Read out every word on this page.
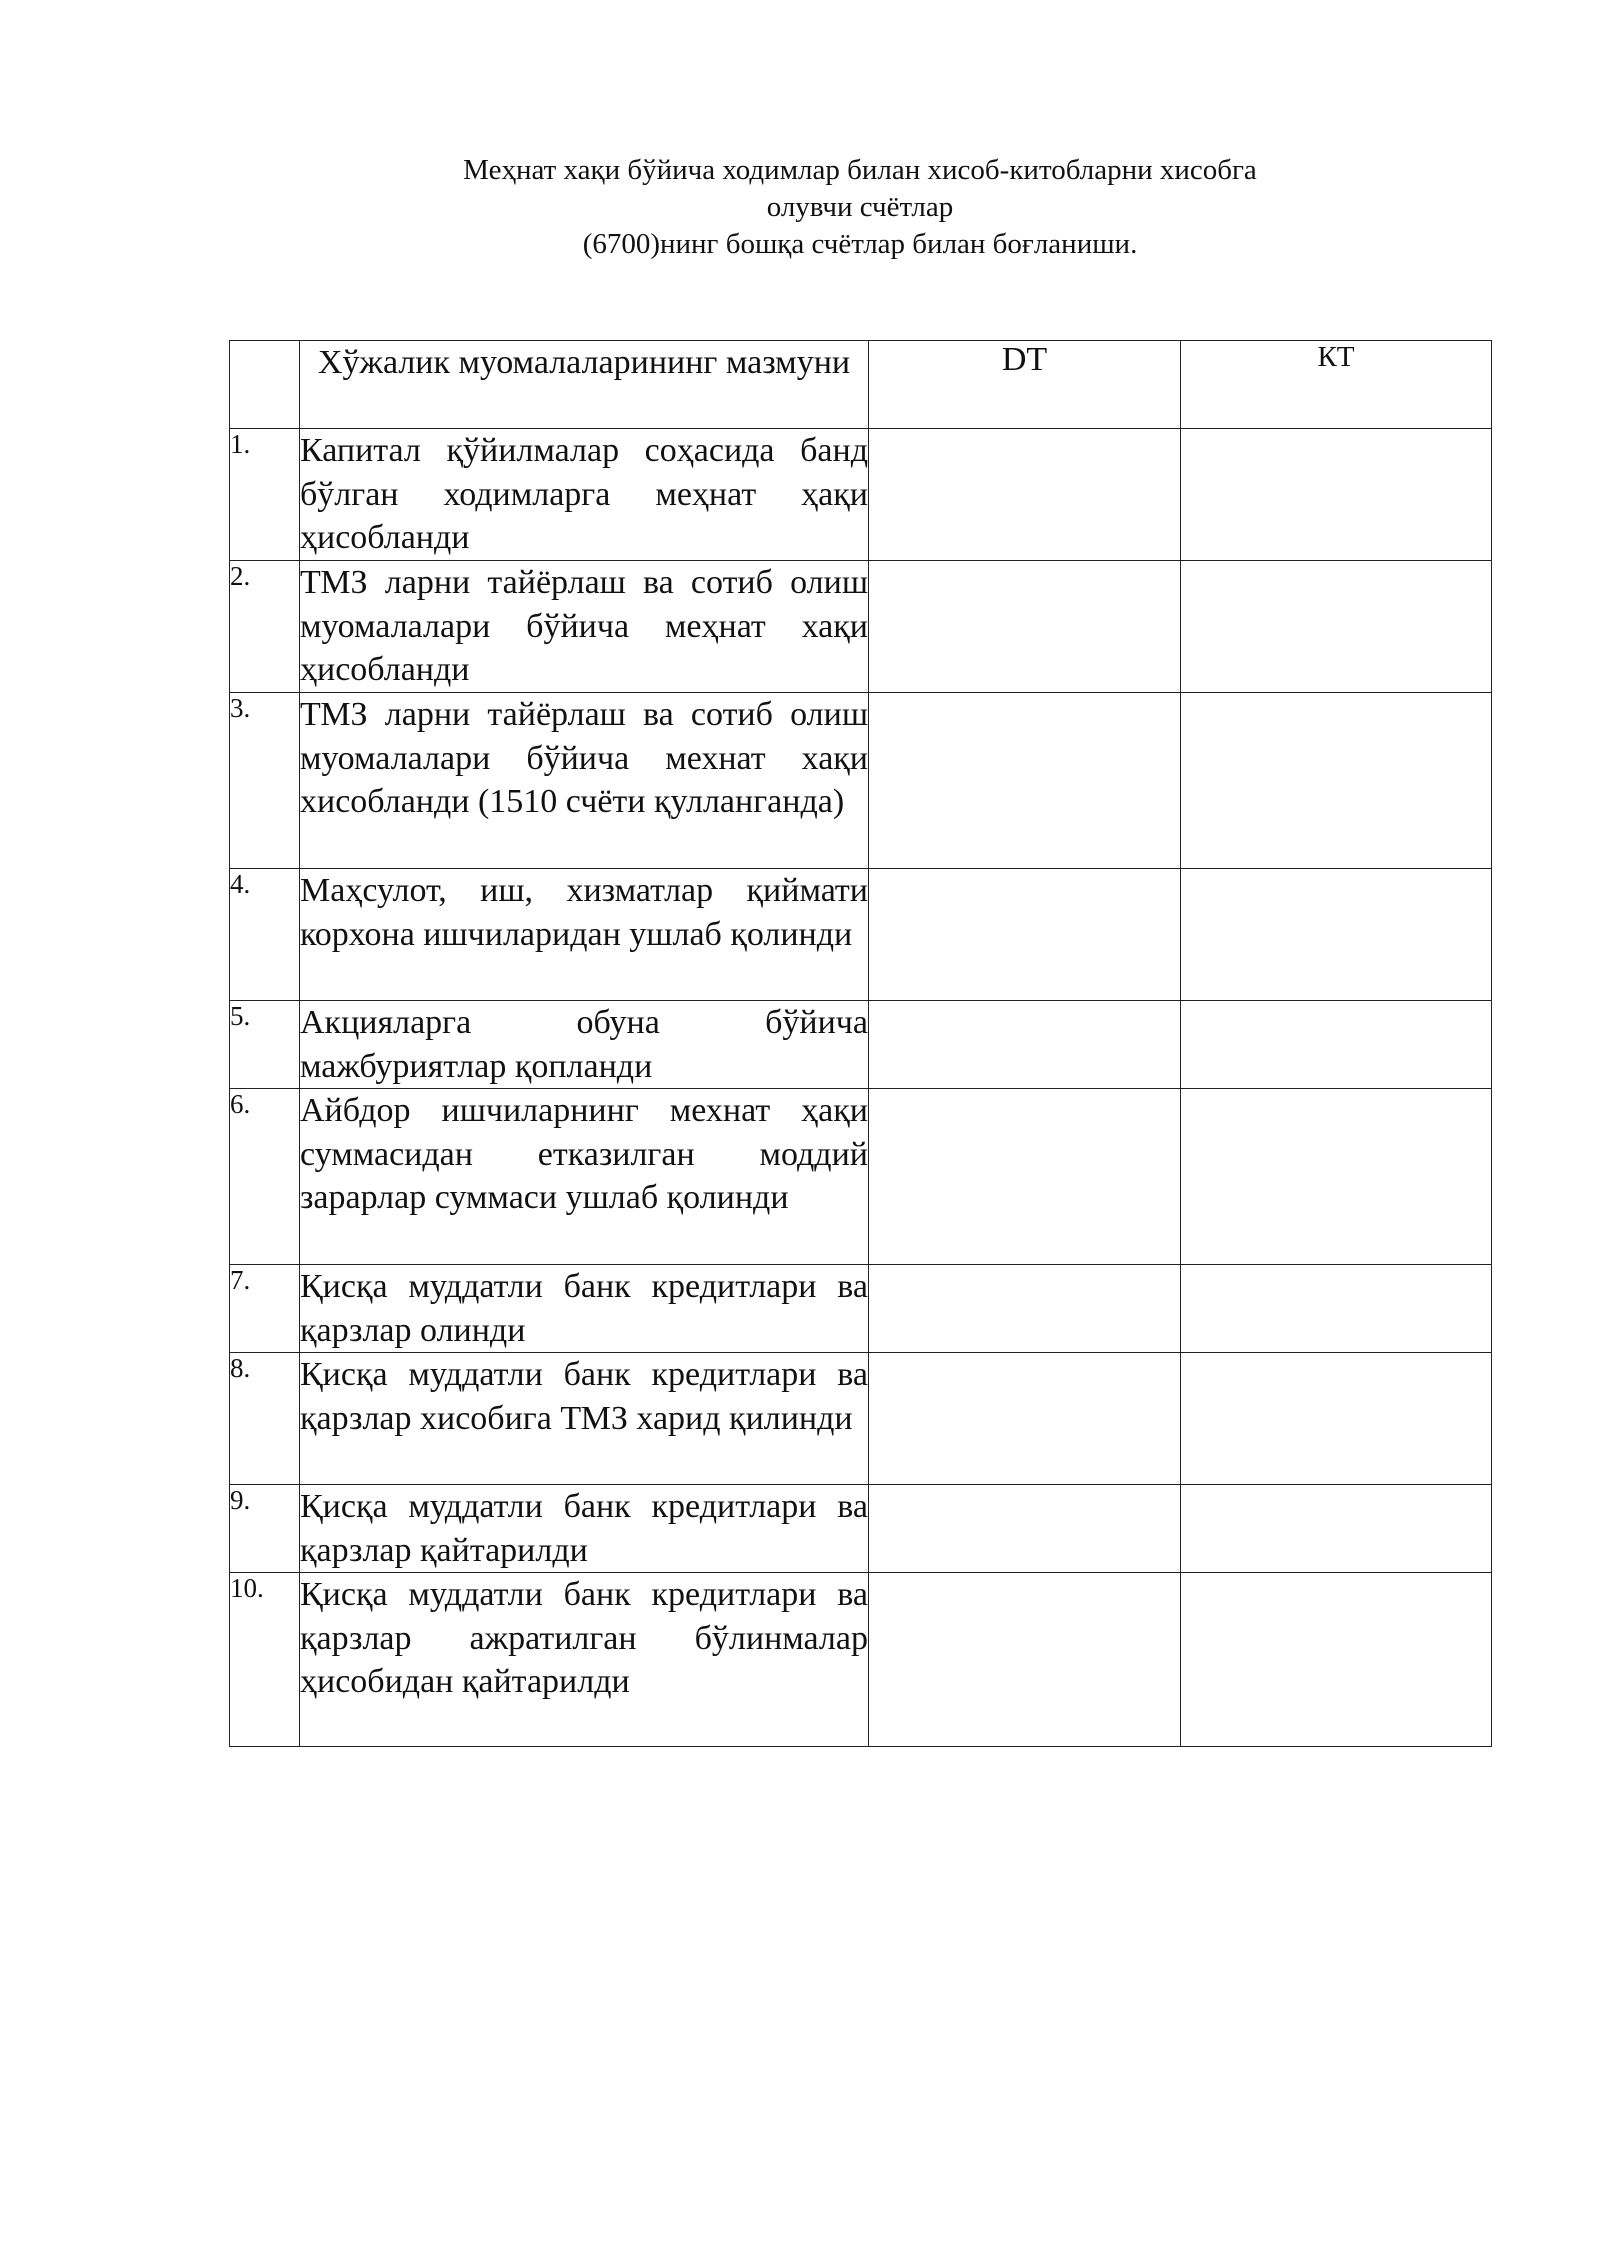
Меҳнат хақи бўйича ходимлар билан хисоб-китобларни хисобга
олувчи счётлар
(6700)нинг бошқа счётлар билан боғланиши.
	Хўжалик муомалаларининг мазмуни	DT	КТ
1.	Капитал қўйилмалар соҳасида банд бўлган ходимларга меҳнат ҳақи ҳисобланди		
2.	ТМЗ ларни тайёрлаш ва сотиб олиш муомалалари бўйича меҳнат хақи ҳисобланди		
3.	ТМЗ ларни тайёрлаш ва сотиб олиш муомалалари бўйича мехнат хақи хисобланди (1510 счёти қулланганда)		
4.	Маҳсулот, иш, хизматлар қиймати корхона ишчиларидан ушлаб қолинди		
5.	Акцияларга обуна бўйича мажбуриятлар қопланди		
6.	Айбдор ишчиларнинг мехнат ҳақи суммасидан етказилган моддий зарарлар суммаси ушлаб қолинди		
7.	Қисқа муддатли банк кредитлари ва қарзлар олинди		
8.	Қисқа муддатли банк кредитлари ва қарзлар хисобига ТМЗ харид қилинди		
9.	Қисқа муддатли банк кредитлари ва қарзлар қайтарилди		
10.	Қисқа муддатли банк кредитлари ва қарзлар ажратилган бўлинмалар ҳисобидан қайтарилди		
